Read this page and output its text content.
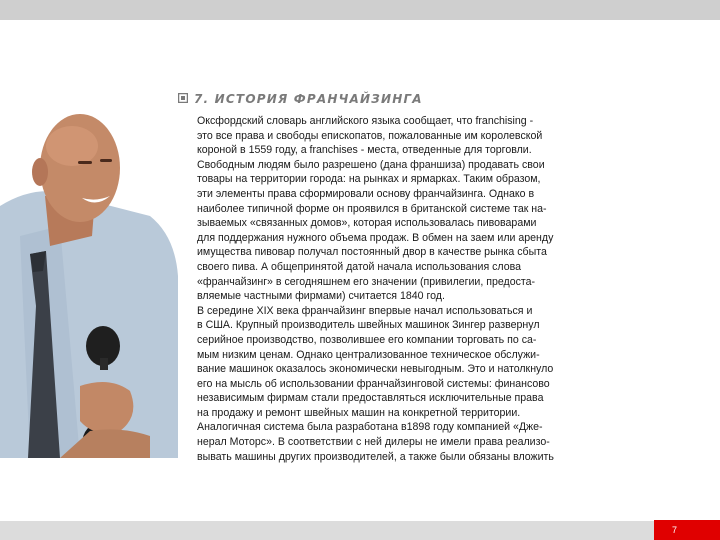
7. ИСТОРИЯ ФРАНЧАЙЗИНГА

Оксфордский словарь английского языка сообщает, что franchising -

это все права и свободы епископатов, пожалованные им королевской

короной в 1559 году, а franchises - места, отведенные для торговли.

Свободным людям было разрешено (дана франшиза) продавать свои

товары на территории города: на рынках и ярмарках. Таким образом,

эти элементы права сформировали основу франчайзинга. Однако в

наиболее типичной форме он проявился в британской системе так на-

зываемых «связанных домов», которая использовалась пивоварами

для поддержания нужного объема продаж. В обмен на заем или аренду

имущества пивовар получал постоянный двор в качестве рынка сбыта

своего пива. А общепринятой датой начала использования слова

«франчайзинг» в сегодняшнем его значении (привилегии, предоста-

вляемые частными фирмами) считается 1840 год.

В середине XIX века франчайзинг впервые начал использоваться и

в США. Крупный производитель швейных машинок Зингер развернул

серийное производство, позволившее его компании торговать по са-

мым низким ценам. Однако централизованное техническое обслужи-

вание машинок оказалось экономически невыгодным. Это и натолкнуло

его на мысль об использовании франчайзинговой системы: финансово

независимым фирмам стали предоставляться исключительные права

на продажу и ремонт швейных машин на конкретной территории.

Аналогичная система была разработана в1898 году компанией «Дже-

нерал Моторс». В соответствии с ней дилеры не имели права реализо-

вывать машины других производителей, а также были обязаны вложить

7
